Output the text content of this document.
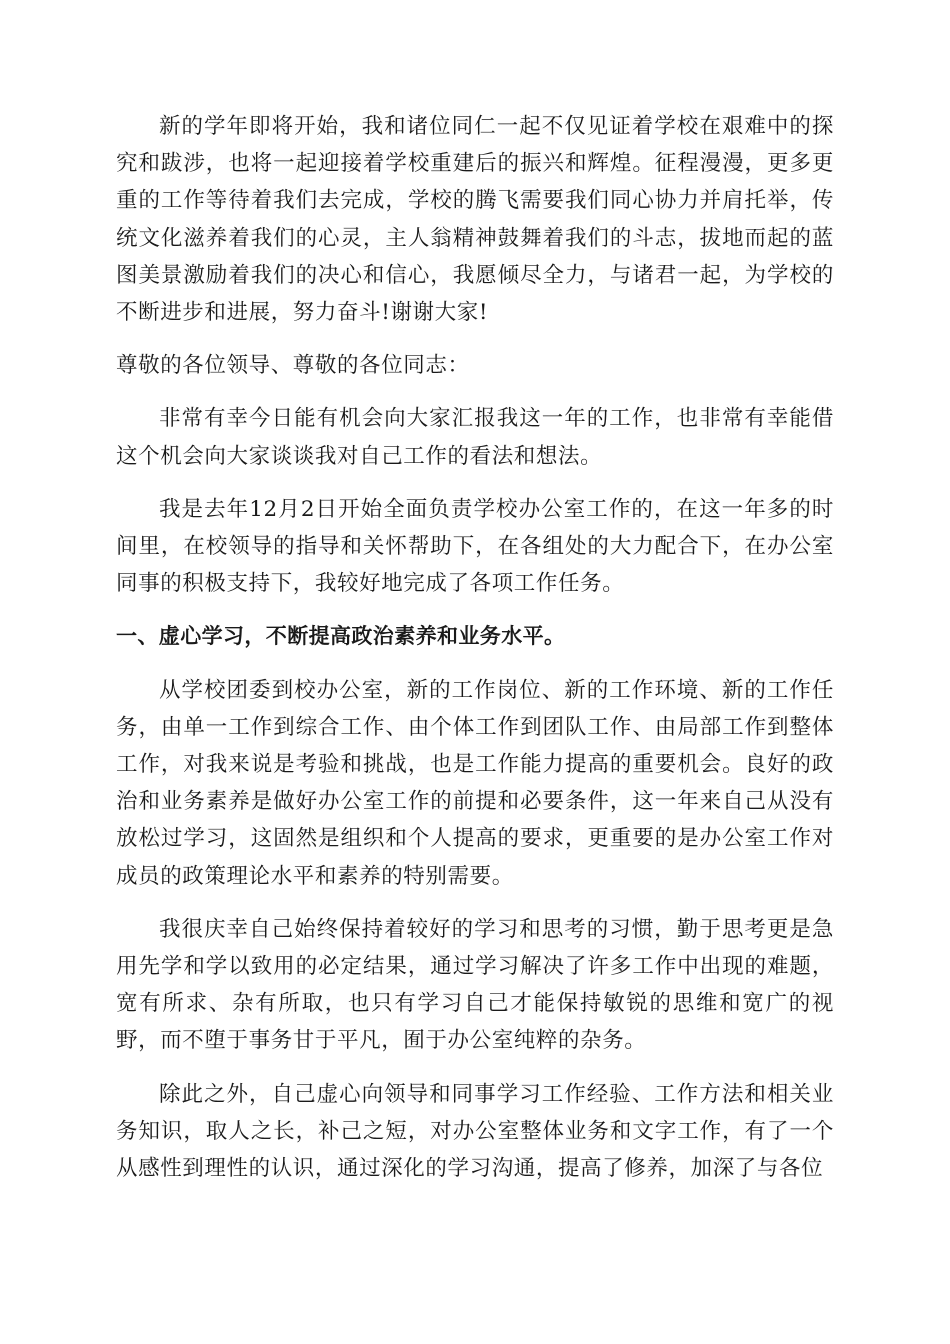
新的学年即将开始，我和诸位同仁一起不仅见证着学校在艰难中的探究和跋涉，也将一起迎接着学校重建后的振兴和辉煌。征程漫漫，更多更重的工作等待着我们去完成，学校的腾飞需要我们同心协力并肩托举，传统文化滋养着我们的心灵，主人翁精神鼓舞着我们的斗志，拔地而起的蓝图美景激励着我们的决心和信心，我愿倾尽全力，与诸君一起，为学校的不断进步和进展，努力奋斗!谢谢大家!

尊敬的各位领导、尊敬的各位同志：

非常有幸今日能有机会向大家汇报我这一年的工作，也非常有幸能借这个机会向大家谈谈我对自己工作的看法和想法。

我是去年12月2日开始全面负责学校办公室工作的，在这一年多的时间里，在校领导的指导和关怀帮助下，在各组处的大力配合下，在办公室同事的积极支持下，我较好地完成了各项工作任务。

一、虚心学习，不断提高政治素养和业务水平。

从学校团委到校办公室，新的工作岗位、新的工作环境、新的工作任务，由单一工作到综合工作、由个体工作到团队工作、由局部工作到整体工作，对我来说是考验和挑战，也是工作能力提高的重要机会。良好的政治和业务素养是做好办公室工作的前提和必要条件，这一年来自己从没有放松过学习，这固然是组织和个人提高的要求，更重要的是办公室工作对成员的政策理论水平和素养的特别需要。

我很庆幸自己始终保持着较好的学习和思考的习惯，勤于思考更是急用先学和学以致用的必定结果，通过学习解决了许多工作中出现的难题，宽有所求、杂有所取，也只有学习自己才能保持敏锐的思维和宽广的视野，而不堕于事务甘于平凡，囿于办公室纯粹的杂务。

除此之外，自己虚心向领导和同事学习工作经验、工作方法和相关业务知识，取人之长，补己之短，对办公室整体业务和文字工作，有了一个从感性到理性的认识，通过深化的学习沟通，提高了修养，加深了与各位
